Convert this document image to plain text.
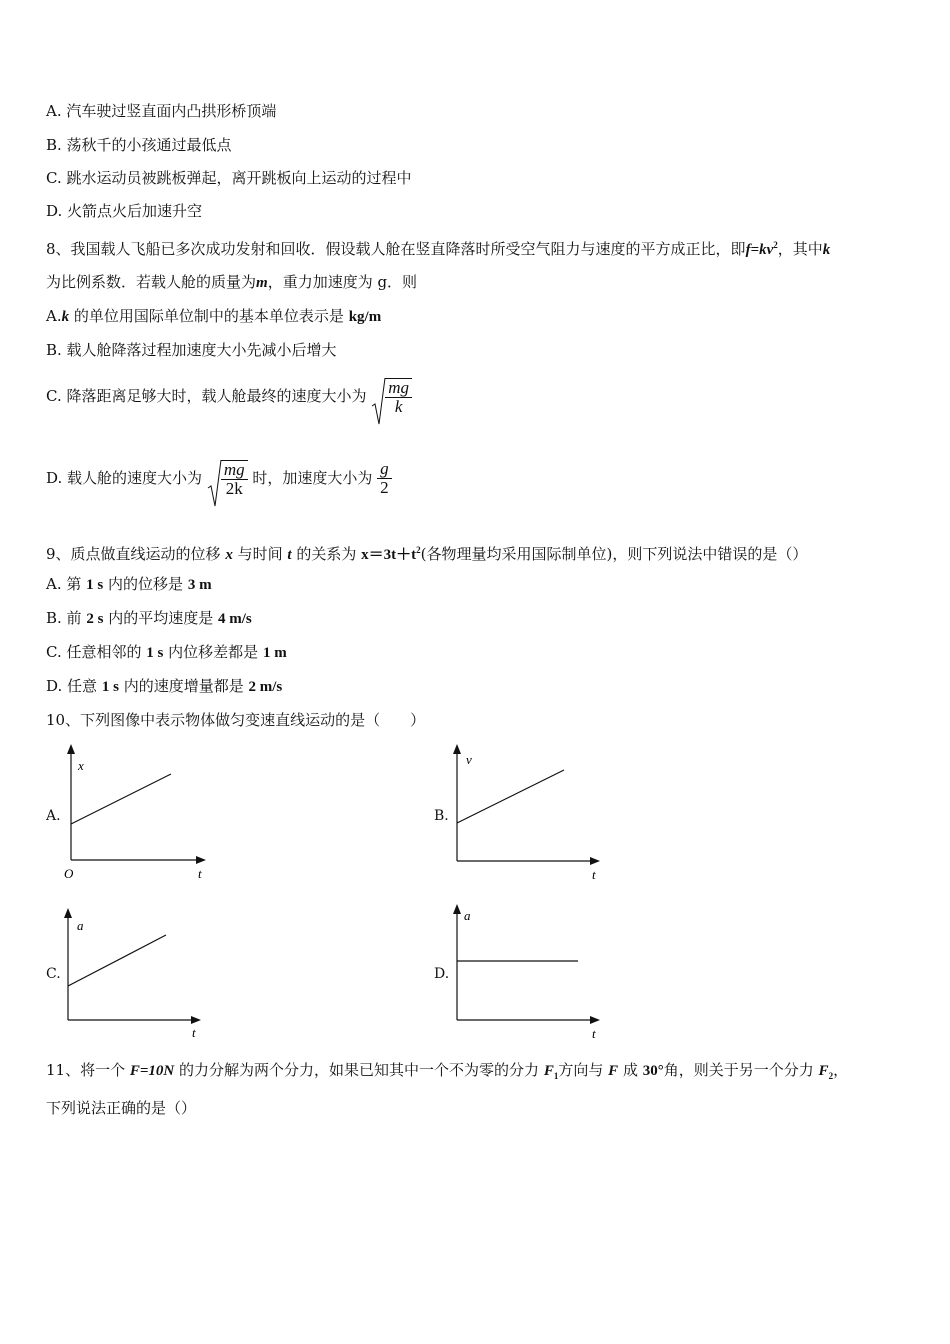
A. 汽车驶过竖直面内凸拱形桥顶端
B. 荡秋千的小孩通过最低点
C. 跳水运动员被跳板弹起，离开跳板向上运动的过程中
D. 火箭点火后加速升空
8、我国载人飞船已多次成功发射和回收．假设载人舱在竖直降落时所受空气阻力与速度的平方成正比，即$f=kv^2$，其中k
为比例系数．若载人舱的质量为m，重力加速度为 g．则
A.k 的单位用国际单位制中的基本单位表示是 kg/m
B. 载人舱降落过程加速度大小先减小后增大
C. 降落距离足够大时，载人舱最终的速度大小为 $\frac{mg}{k}$
D. 载人舱的速度大小为 $\frac{mg}{2k}$ 时，加速度大小为 $\frac{g}{2}$
9、质点做直线运动的位移 x 与时间 t 的关系为 $x=3t+t^2$(各物理量均采用国际制单位)，则下列说法中错误的是（）
A. 第 1 s 内的位移是 3 m
B. 前 2 s 内的平均速度是 4 m/s
C. 任意相邻的 1 s 内位移差都是 1 m
D. 任意 1 s 内的速度增量都是 2 m/s
10、下列图像中表示物体做匀变速直线运动的是（　　）
A.
x
t
O
B.
v
t
C.
a
t
D.
a
t
11、将一个 F=10N 的力分解为两个分力，如果已知其中一个不为零的分力 $F_1$方向与 F 成 30°角，则关于另一个分力 $F_2$，
下列说法正确的是（）
